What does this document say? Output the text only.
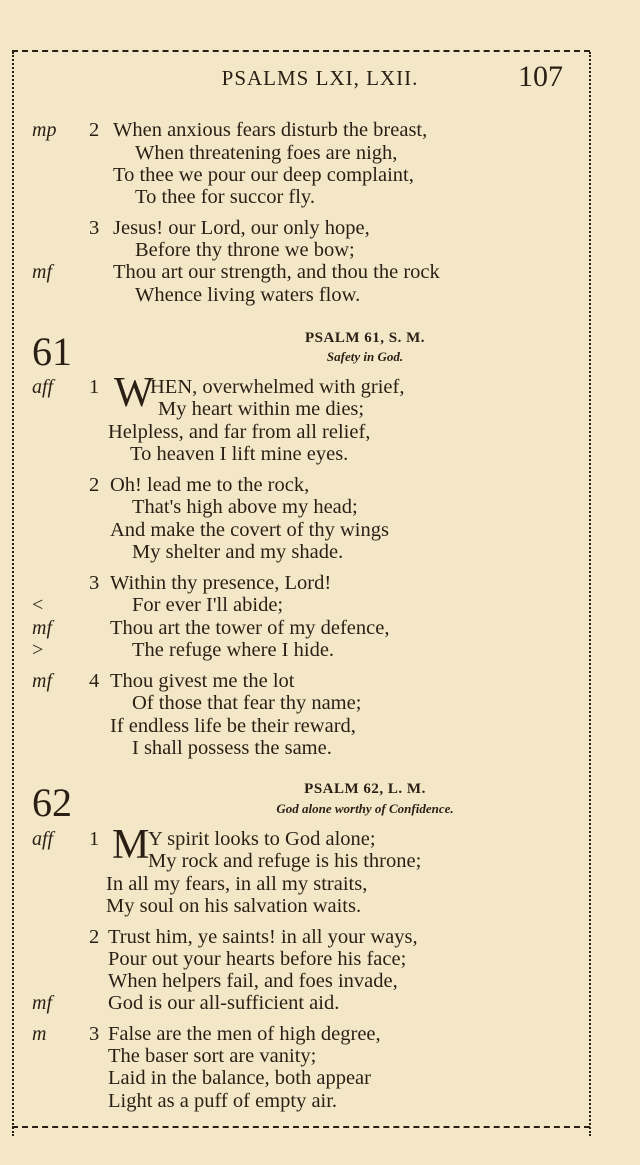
PSALMS LXI, LXII.	107
mp 2 When anxious fears disturb the breast,
When threatening foes are nigh,
To thee we pour our deep complaint,
To thee for succor fly.
3 Jesus! our Lord, our only hope,
Before thy throne we bow;
mf	Thou art our strength, and thou the rock
Whence living waters flow.
61	PSALM 61, S. M.
Safety in God.
aff 1 W
HEN, overwhelmed with grief,
My heart within me dies;
Helpless, and far from all relief,
To heaven I lift mine eyes.
2 Oh! lead me to the rock,
That's high above my head;
And make the covert of thy wings
My shelter and my shade.
3 Within thy presence, Lord!
<	For ever I'll abide;
mf	Thou art the tower of my defence,
>	The refuge where I hide.
mf 4 Thou givest me the lot
Of those that fear thy name;
If endless life be their reward,
I shall possess the same.
62	PSALM 62, L. M.
God alone worthy of Confidence.
aff 1 M
Y spirit looks to God alone;
My rock and refuge is his throne;
In all my fears, in all my straits,
My soul on his salvation waits.
2 Trust him, ye saints! in all your ways,
Pour out your hearts before his face;
When helpers fail, and foes invade,
mf	God is our all-sufficient aid.
m 3 False are the men of high degree,
The baser sort are vanity;
Laid in the balance, both appear
Light as a puff of empty air.
